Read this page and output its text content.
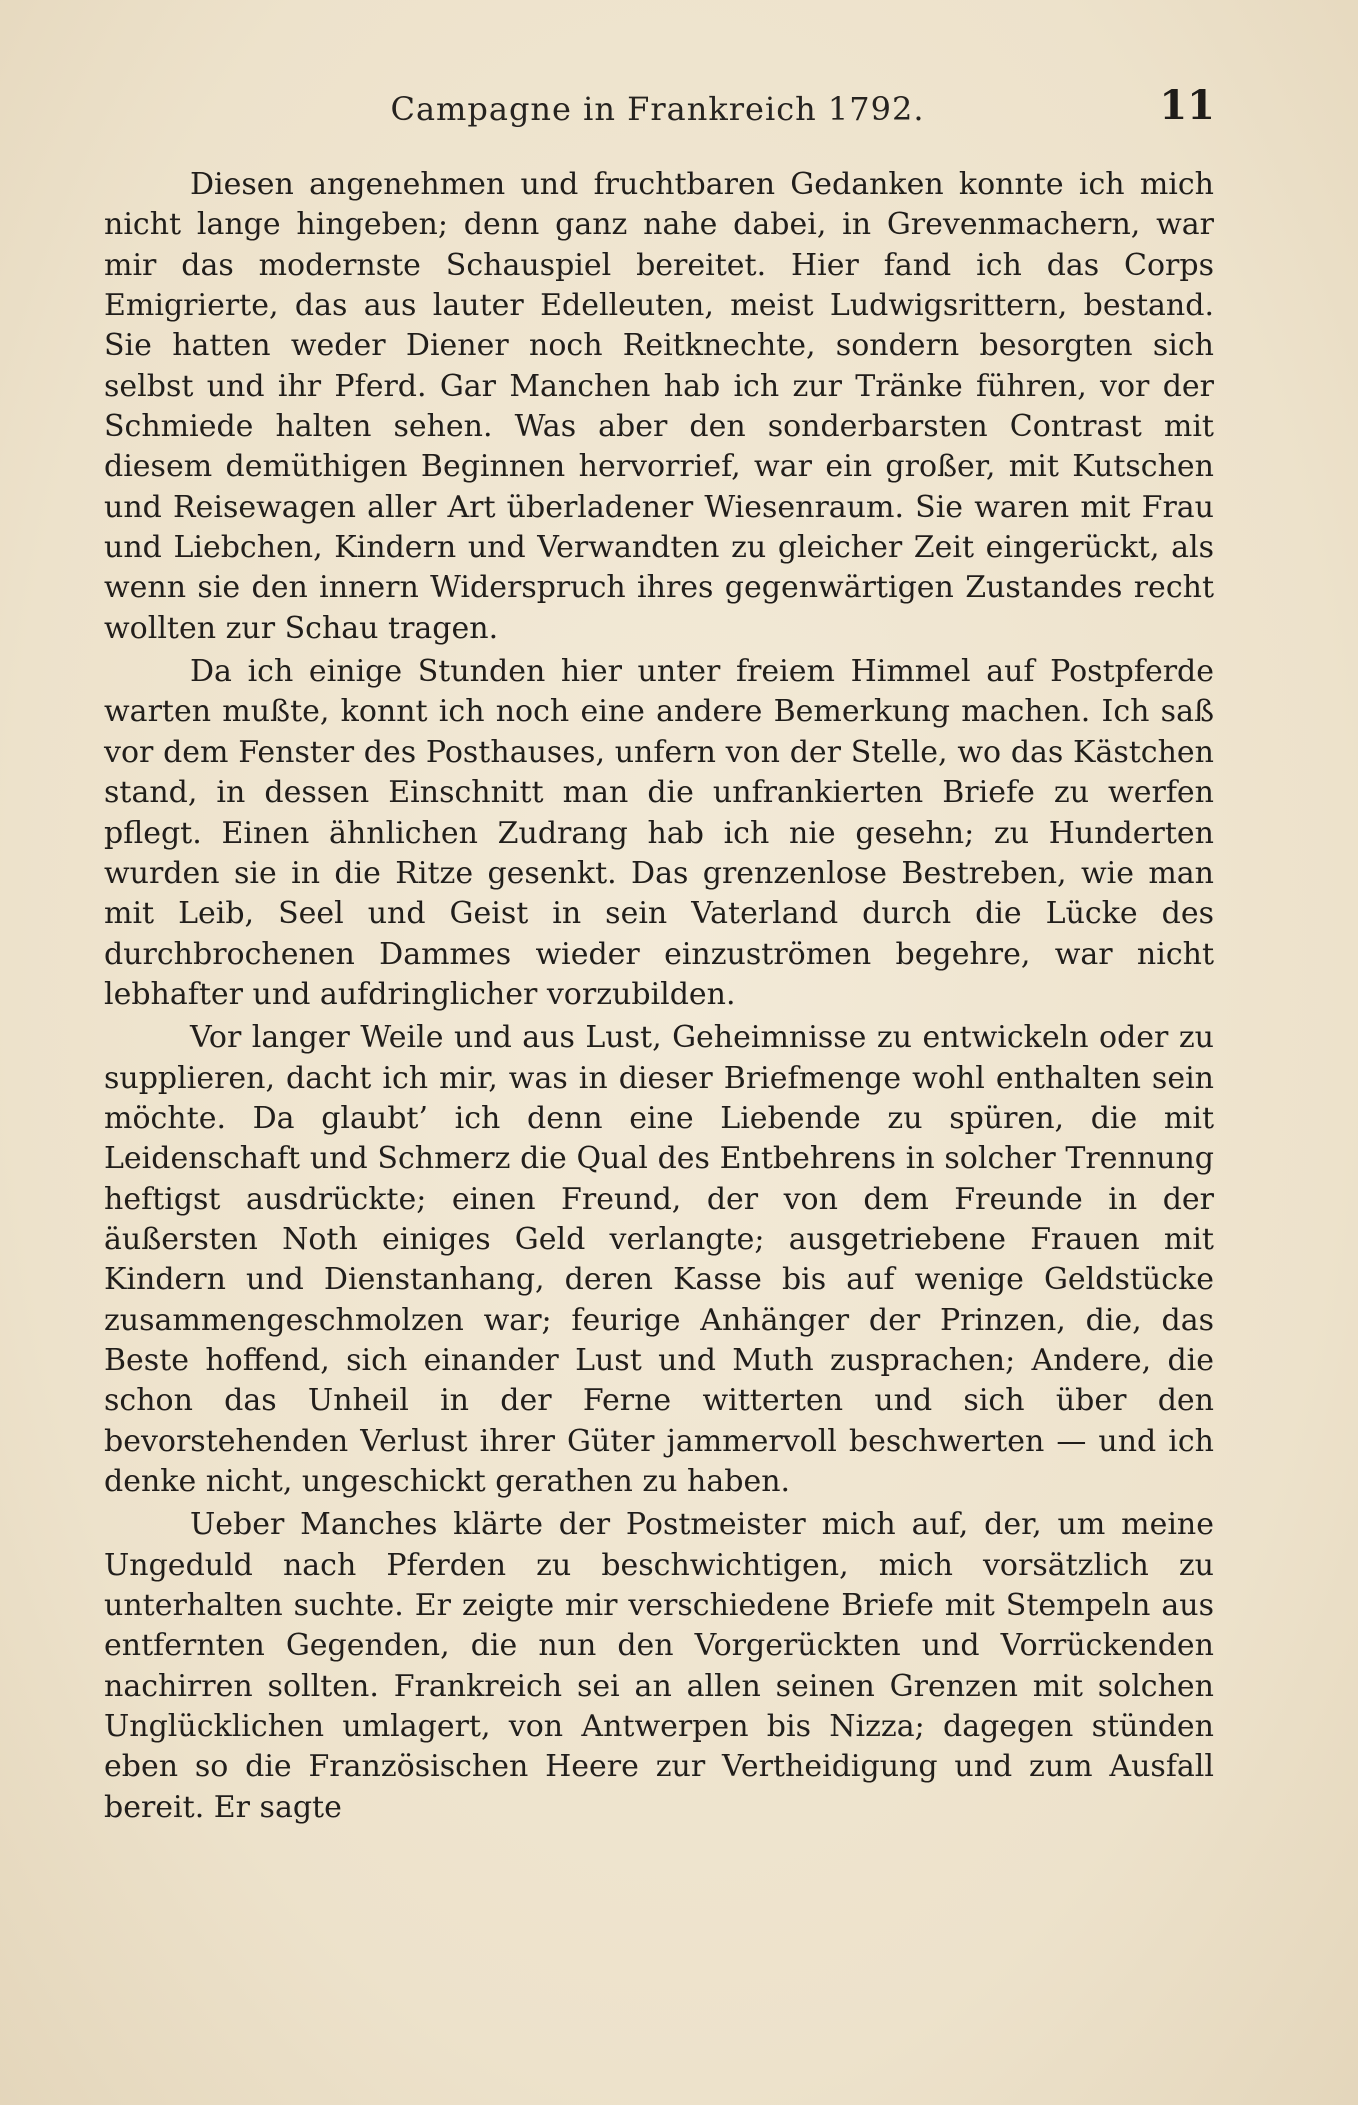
Campagne in Frankreich 1792.	11

Diesen angenehmen und fruchtbaren Gedanken konnte ich mich nicht lange hingeben; denn ganz nahe dabei, in Grevenmachern, war mir das modernste Schauspiel bereitet. Hier fand ich das Corps Emigrierte, das aus lauter Edelleuten, meist Ludwigsrittern, bestand. Sie hatten weder Diener noch Reitknechte, sondern besorgten sich selbst und ihr Pferd. Gar Manchen hab ich zur Tränke führen, vor der Schmiede halten sehen. Was aber den sonderbarsten Contrast mit diesem demüthigen Beginnen hervorrief, war ein großer, mit Kutschen und Reisewagen aller Art überladener Wiesenraum. Sie waren mit Frau und Liebchen, Kindern und Verwandten zu gleicher Zeit eingerückt, als wenn sie den innern Widerspruch ihres gegenwärtigen Zustandes recht wollten zur Schau tragen.

Da ich einige Stunden hier unter freiem Himmel auf Postpferde warten mußte, konnt ich noch eine andere Bemerkung machen. Ich saß vor dem Fenster des Posthauses, unfern von der Stelle, wo das Kästchen stand, in dessen Einschnitt man die unfrankierten Briefe zu werfen pflegt. Einen ähnlichen Zudrang hab ich nie gesehn; zu Hunderten wurden sie in die Ritze gesenkt. Das grenzenlose Bestreben, wie man mit Leib, Seel und Geist in sein Vaterland durch die Lücke des durchbrochenen Dammes wieder einzuströmen begehre, war nicht lebhafter und aufdringlicher vorzubilden.

Vor langer Weile und aus Lust, Geheimnisse zu entwickeln oder zu supplieren, dacht ich mir, was in dieser Briefmenge wohl enthalten sein möchte. Da glaubt’ ich denn eine Liebende zu spüren, die mit Leidenschaft und Schmerz die Qual des Entbehrens in solcher Trennung heftigst ausdrückte; einen Freund, der von dem Freunde in der äußersten Noth einiges Geld verlangte; ausgetriebene Frauen mit Kindern und Dienstanhang, deren Kasse bis auf wenige Geldstücke zusammengeschmolzen war; feurige Anhänger der Prinzen, die, das Beste hoffend, sich einander Lust und Muth zusprachen; Andere, die schon das Unheil in der Ferne witterten und sich über den bevorstehenden Verlust ihrer Güter jammervoll beschwerten — und ich denke nicht, ungeschickt gerathen zu haben.

Ueber Manches klärte der Postmeister mich auf, der, um meine Ungeduld nach Pferden zu beschwichtigen, mich vorsätzlich zu unterhalten suchte. Er zeigte mir verschiedene Briefe mit Stempeln aus entfernten Gegenden, die nun den Vorgerückten und Vorrückenden nachirren sollten. Frankreich sei an allen seinen Grenzen mit solchen Unglücklichen umlagert, von Antwerpen bis Nizza; dagegen stünden eben so die Französischen Heere zur Vertheidigung und zum Ausfall bereit. Er sagte
